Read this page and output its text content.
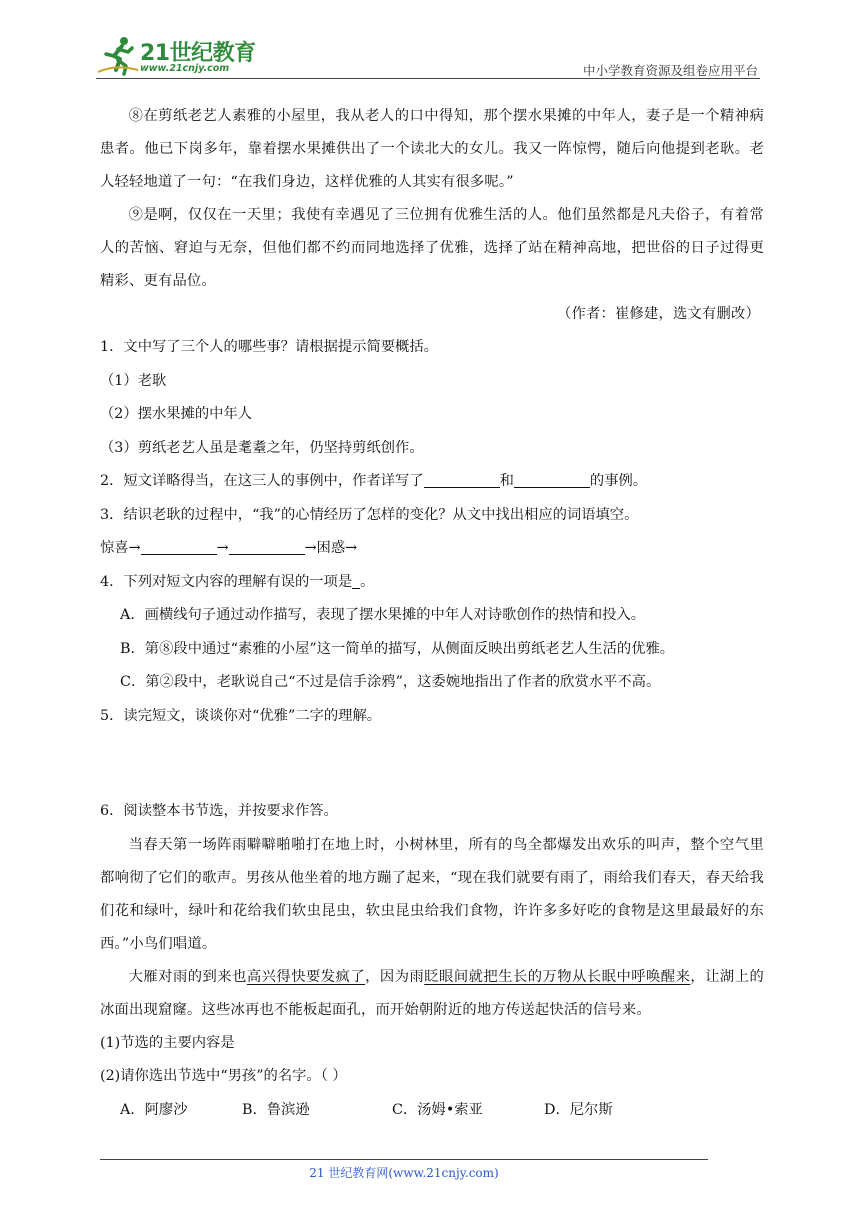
21世纪教育
www.21cnjy.com	中小学教育资源及组卷应用平台

⑧在剪纸老艺人素雅的小屋里，我从老人的口中得知，那个摆水果摊的中年人，妻子是一个精神病患者。他已下岗多年，靠着摆水果摊供出了一个读北大的女儿。我又一阵惊愕，随后向他提到老耿。老人轻轻地道了一句：“在我们身边，这样优雅的人其实有很多呢。”

⑨是啊，仅仅在一天里；我使有幸遇见了三位拥有优雅生活的人。他们虽然都是凡夫俗子，有着常人的苦恼、窘迫与无奈，但他们都不约而同地选择了优雅，选择了站在精神高地，把世俗的日子过得更精彩、更有品位。

（作者：崔修建，选文有删改）

1．文中写了三个人的哪些事？请根据提示简要概括。

（1）老耿

（2）摆水果摊的中年人

（3）剪纸老艺人虽是耄耋之年，仍坚持剪纸创作。

2．短文详略得当，在这三人的事例中，作者详写了	和	的事例。

3．结识老耿的过程中，“我”的心情经历了怎样的变化？从文中找出相应的词语填空。

惊喜→	→	→困惑→

4．下列对短文内容的理解有误的一项是 。

A．画横线句子通过动作描写，表现了摆水果摊的中年人对诗歌创作的热情和投入。

B．第⑧段中通过“素雅的小屋”这一简单的描写，从侧面反映出剪纸老艺人生活的优雅。

C．第②段中，老耿说自己“不过是信手涂鸦”，这委婉地指出了作者的欣赏水平不高。

5．读完短文，谈谈你对“优雅”二字的理解。

6．阅读整本书节选，并按要求作答。

当春天第一场阵雨噼噼啪啪打在地上时，小树林里，所有的鸟全都爆发出欢乐的叫声，整个空气里都响彻了它们的歌声。男孩从他坐着的地方蹦了起来，“现在我们就要有雨了，雨给我们春天，春天给我们花和绿叶，绿叶和花给我们软虫昆虫，软虫昆虫给我们食物，许许多多好吃的食物是这里最最好的东西。”小鸟们唱道。

大雁对雨的到来也高兴得快要发疯了，因为雨眨眼间就把生长的万物从长眠中呼唤醒来，让湖上的冰面出现窟窿。这些冰再也不能板起面孔，而开始朝附近的地方传送起快活的信号来。

(1)节选的主要内容是

(2)请你选出节选中“男孩”的名字。（ ）

A．阿廖沙	B．鲁滨逊	C．汤姆•索亚	D．尼尔斯

21 世纪教育网(www.21cnjy.com)
